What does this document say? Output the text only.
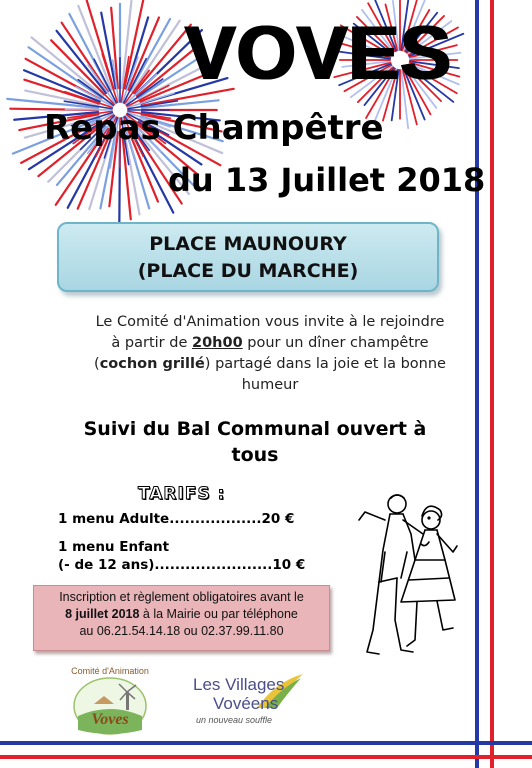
VOVES
Repas Champêtre
du 13 Juillet 2018
PLACE MAUNOURY
(PLACE DU MARCHE)
Le Comité d'Animation vous invite à le rejoindre
à partir de 20h00 pour un dîner champêtre
(cochon grillé) partagé dans la joie et la bonne
humeur
Suivi du Bal Communal ouvert à
tous
TARIFS :
1 menu Adulte..................20 €
1 menu Enfant
(- de 12 ans).......................10 €
Inscription et règlement obligatoires avant le
8 juillet 2018 à la Mairie ou par téléphone
au 06.21.54.14.18 ou 02.37.99.11.80
Comité d'Animation
Voves
Les Villages
Vovéens
un nouveau souffle
